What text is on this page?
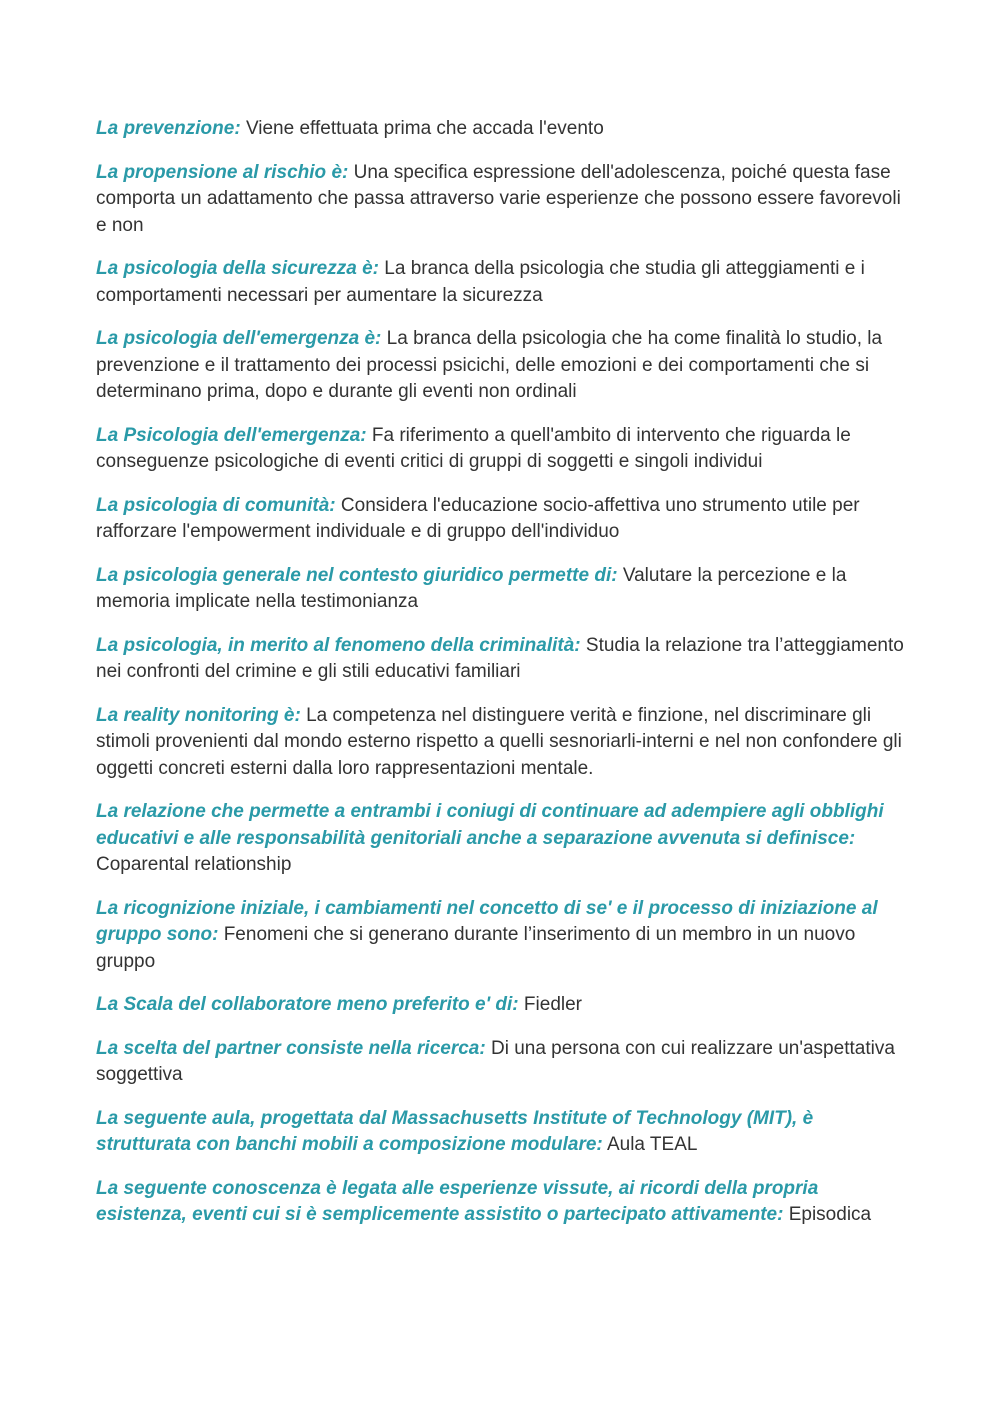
La prevenzione: Viene effettuata prima che accada l'evento

La propensione al rischio è: Una specifica espressione dell'adolescenza, poiché questa fase comporta un adattamento che passa attraverso varie esperienze che possono essere favorevoli e non

La psicologia della sicurezza è: La branca della psicologia che studia gli atteggiamenti e i comportamenti necessari per aumentare la sicurezza

La psicologia dell'emergenza è: La branca della psicologia che ha come finalità lo studio, la prevenzione e il trattamento dei processi psicichi, delle emozioni e dei comportamenti che si determinano prima, dopo e durante gli eventi non ordinali

La Psicologia dell'emergenza: Fa riferimento a quell'ambito di intervento che riguarda le conseguenze psicologiche di eventi critici di gruppi di soggetti e singoli individui

La psicologia di comunità: Considera l'educazione socio-affettiva uno strumento utile per rafforzare l'empowerment individuale e di gruppo dell'individuo

La psicologia generale nel contesto giuridico permette di: Valutare la percezione e la memoria implicate nella testimonianza

La psicologia, in merito al fenomeno della criminalità: Studia la relazione tra l’atteggiamento nei confronti del crimine e gli stili educativi familiari

La reality nonitoring è: La competenza nel distinguere verità e finzione, nel discriminare gli stimoli provenienti dal mondo esterno rispetto a quelli sesnoriarli-interni e nel non confondere gli oggetti concreti esterni dalla loro rappresentazioni mentale.

La relazione che permette a entrambi i coniugi di continuare ad adempiere agli obblighi educativi e alle responsabilità genitoriali anche a separazione avvenuta si definisce: Coparental relationship

La ricognizione iniziale, i cambiamenti nel concetto di se' e il processo di iniziazione al gruppo sono: Fenomeni che si generano durante l’inserimento di un membro in un nuovo gruppo

La Scala del collaboratore meno preferito e' di: Fiedler

La scelta del partner consiste nella ricerca: Di una persona con cui realizzare un'aspettativa soggettiva

La seguente aula, progettata dal Massachusetts Institute of Technology (MIT), è strutturata con banchi mobili a composizione modulare: Aula TEAL

La seguente conoscenza è legata alle esperienze vissute, ai ricordi della propria esistenza, eventi cui si è semplicemente assistito o partecipato attivamente: Episodica
